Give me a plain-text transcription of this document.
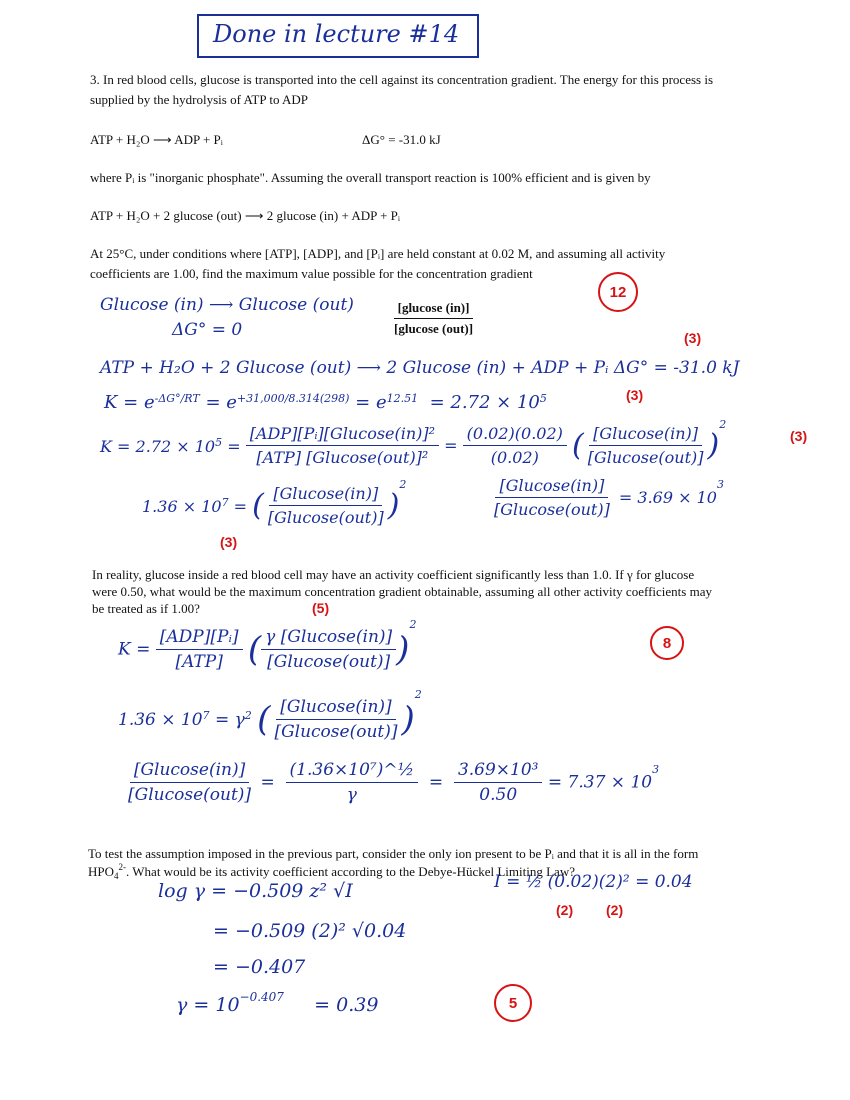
Done in lecture #14
3. In red blood cells, glucose is transported into the cell against its concentration gradient. The energy for this process is
supplied by the hydrolysis of ATP to ADP
ATP + H₂O ⟶ ADP + Pᵢ	ΔG° = -31.0 kJ
where Pᵢ is "inorganic phosphate". Assuming the overall transport reaction is 100% efficient and is given by
ATP + H₂O + 2 glucose (out) ⟶ 2 glucose (in) + ADP + Pᵢ
At 25°C, under conditions where [ATP], [ADP], and [Pᵢ] are held constant at 0.02 M, and assuming all activity
coefficients are 1.00, find the maximum value possible for the concentration gradient
$\frac{\text{[glucose (in)]}}{\text{[glucose (out)]}}$
Glucose (in) ⟶ Glucose (out)
ΔG° = 0
12
(3)
ATP + H₂O + 2 Glucose (out) ⟶ 2 Glucose (in) + ADP + Pᵢ ΔG° = -31.0 kJ
$K = e^{-\Delta G^\circ/RT} = e^{+31,000/8.314(298)} = e^{12.51} = 2.72 \times 10^5$	(3)
$K = 2.72 \times 10^5 = \frac{\text{[ADP][Pᵢ][Glucose(in)]²}}{\text{[ATP] [Glucose(out)]²}} = \frac{(0.02)(0.02)}{(0.02)}$ ( $\frac{\text{[Glucose(in)]}}{\text{[Glucose(out)]}} )^2$
(3)
$1.36 \times 10^7$ = ( $\frac{\text{[Glucose(in)]}}{\text{[Glucose(out)]}} )^2$	$\frac{\text{[Glucose(in)]}}{\text{[Glucose(out)]}} = 3.69 \times 10^3$
(3)
In reality, glucose inside a red blood cell may have an activity coefficient significantly less than 1.0. If γ for glucose
were 0.50, what would be the maximum concentration gradient obtainable, assuming all other activity coefficients may
be treated as if 1.00?	(5)
$K = \frac{\text{[ADP][Pᵢ]}}{\text{[ATP]}}$ ( $\frac{\text{γ [Glucose(in)]}}{\text{[Glucose(out)]}} )^2$
8
$1.36 \times 10^7 = \gamma^2$ ( $\frac{\text{[Glucose(in)]}}{\text{[Glucose(out)]}} )^2$
$\frac{\text{[Glucose(in)]}}{\text{[Glucose(out)]}} = \frac{\text{(1.36×10⁷)\textasciicircum{}½}}{\gamma} = \frac{\text{3.69×10³}}{0.50} = 7.37 \times 10^3$
To test the assumption imposed in the previous part, consider the only ion present to be Pᵢ and that it is all in the form
$HPO_4^{2-}$. What would be its activity coefficient according to the Debye-Hückel Limiting Law?
log γ = −0.509 z² √I	I = ½ (0.02)(2)² = 0.04
(2) (2)
= −0.509 (2)² √0.04
= −0.407
$\gamma = 10^{-0.407} = 0.39$	5
